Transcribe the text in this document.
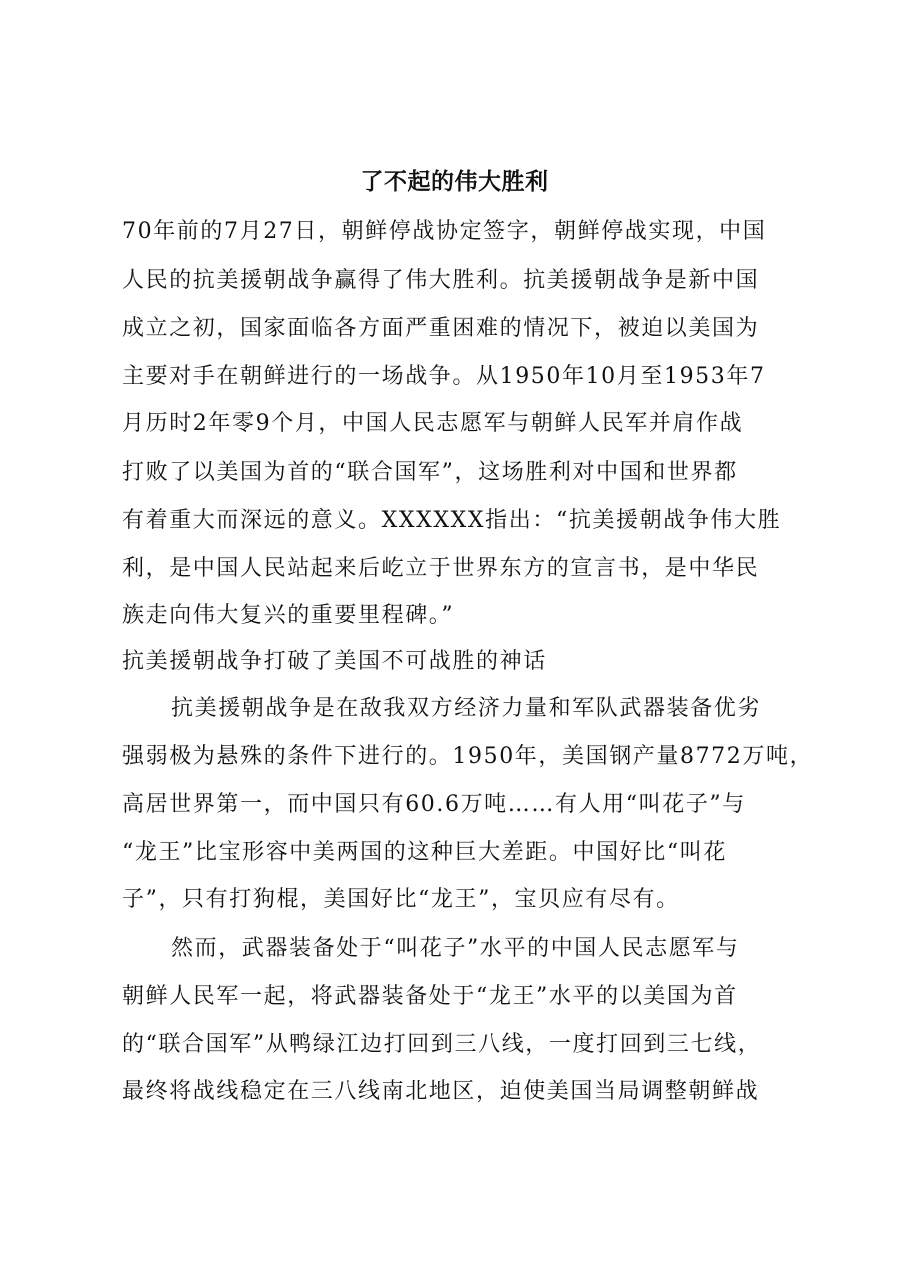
了不起的伟大胜利
70年前的7月27日，朝鲜停战协定签字，朝鲜停战实现，中国
人民的抗美援朝战争赢得了伟大胜利。抗美援朝战争是新中国
成立之初，国家面临各方面严重困难的情况下，被迫以美国为
主要对手在朝鲜进行的一场战争。从1950年10月至1953年7
月历时2年零9个月，中国人民志愿军与朝鲜人民军并肩作战
打败了以美国为首的“联合国军”，这场胜利对中国和世界都
有着重大而深远的意义。XXXXXX指出：“抗美援朝战争伟大胜
利，是中国人民站起来后屹立于世界东方的宣言书，是中华民
族走向伟大复兴的重要里程碑。”
抗美援朝战争打破了美国不可战胜的神话
抗美援朝战争是在敌我双方经济力量和军队武器装备优劣
强弱极为悬殊的条件下进行的。1950年，美国钢产量8772万吨，
高居世界第一，而中国只有60.6万吨……有人用“叫花子”与
“龙王”比宝形容中美两国的这种巨大差距。中国好比“叫花
子”，只有打狗棍，美国好比“龙王”，宝贝应有尽有。
然而，武器装备处于“叫花子”水平的中国人民志愿军与
朝鲜人民军一起，将武器装备处于“龙王”水平的以美国为首
的“联合国军”从鸭绿江边打回到三八线，一度打回到三七线，
最终将战线稳定在三八线南北地区，迫使美国当局调整朝鲜战
